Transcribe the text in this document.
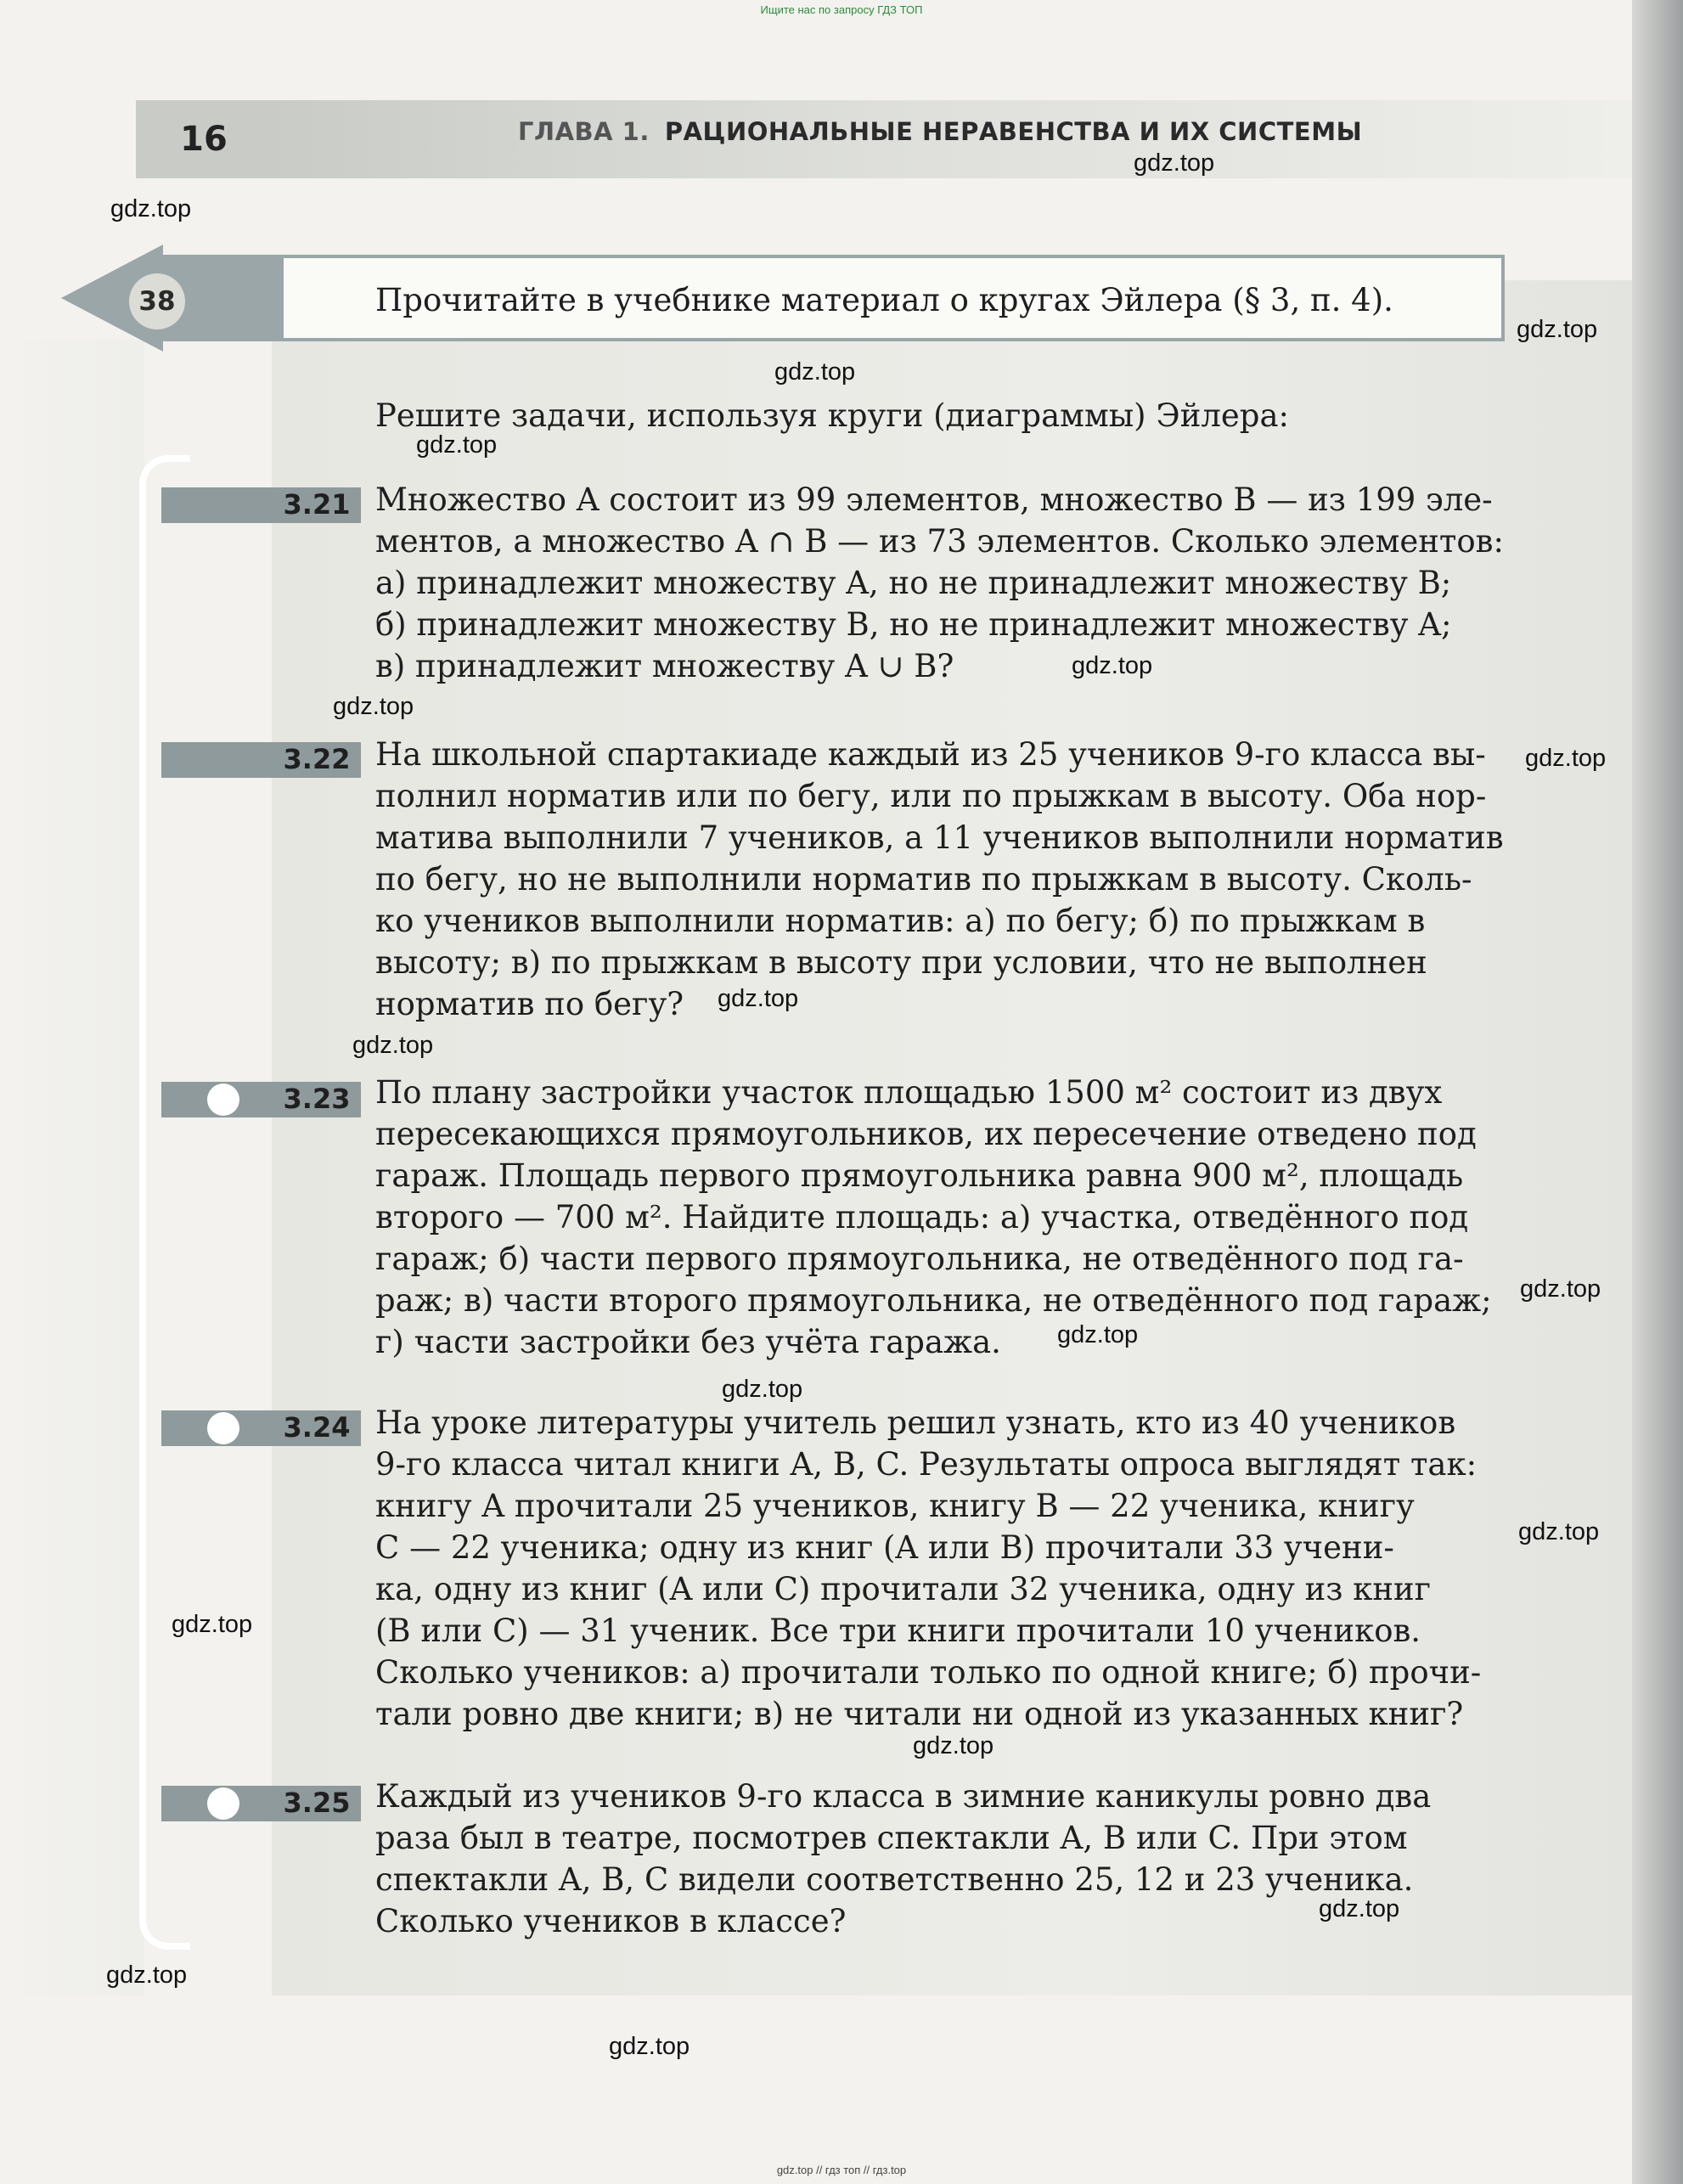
Ищите нас по запросу ГДЗ ТОП
16	ГЛАВА 1. РАЦИОНАЛЬНЫЕ НЕРАВЕНСТВА И ИХ СИСТЕМЫ
38	Прочитайте в учебнике материал о кругах Эйлера (§ 3, п. 4).
Решите задачи, используя круги (диаграммы) Эйлера:
3.21 Множество A состоит из 99 элементов, множество B — из 199 эле-
ментов, а множество A ∩ B — из 73 элементов. Сколько элементов:
а) принадлежит множеству A, но не принадлежит множеству B;
б) принадлежит множеству B, но не принадлежит множеству A;
в) принадлежит множеству A ∪ B?
3.22 На школьной спартакиаде каждый из 25 учеников 9-го класса вы-
полнил норматив или по бегу, или по прыжкам в высоту. Оба нор-
матива выполнили 7 учеников, а 11 учеников выполнили норматив
по бегу, но не выполнили норматив по прыжкам в высоту. Сколь-
ко учеников выполнили норматив: а) по бегу; б) по прыжкам в
высоту; в) по прыжкам в высоту при условии, что не выполнен
норматив по бегу?
3.23 По плану застройки участок площадью 1500 м² состоит из двух
пересекающихся прямоугольников, их пересечение отведено под
гараж. Площадь первого прямоугольника равна 900 м², площадь
второго — 700 м². Найдите площадь: а) участка, отведённого под
гараж; б) части первого прямоугольника, не отведённого под га-
раж; в) части второго прямоугольника, не отведённого под гараж;
г) части застройки без учёта гаража.
3.24 На уроке литературы учитель решил узнать, кто из 40 учеников
9-го класса читал книги A, B, C. Результаты опроса выглядят так:
книгу A прочитали 25 учеников, книгу B — 22 ученика, книгу
C — 22 ученика; одну из книг (A или B) прочитали 33 учени-
ка, одну из книг (A или C) прочитали 32 ученика, одну из книг
(B или C) — 31 ученик. Все три книги прочитали 10 учеников.
Сколько учеников: а) прочитали только по одной книге; б) прочи-
тали ровно две книги; в) не читали ни одной из указанных книг?
3.25 Каждый из учеников 9-го класса в зимние каникулы ровно два
раза был в театре, посмотрев спектакли A, B или C. При этом
спектакли A, B, C видели соответственно 25, 12 и 23 ученика.
Сколько учеников в классе?
gdz.top
gdz.top
gdz.top
gdz.top
gdz.top
gdz.top
gdz.top
gdz.top
gdz.top
gdz.top
gdz.top
gdz.top
gdz.top
gdz.top
gdz.top
gdz.top
gdz.top
gdz.top
gdz.top
gdz.top // гдз топ // гдз.top
